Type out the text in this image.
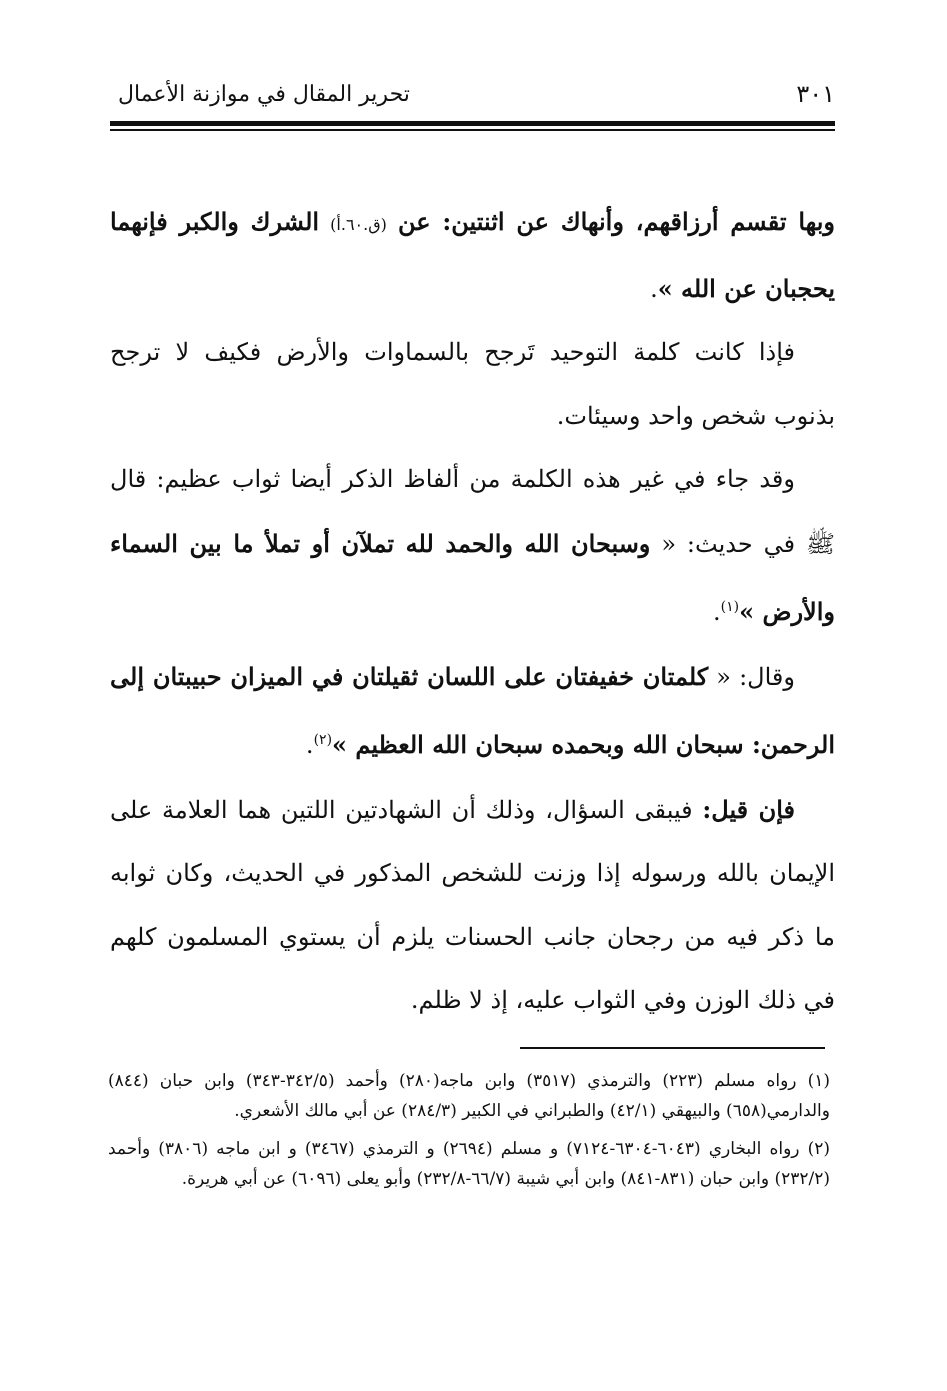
٣٠١
تحرير المقال في موازنة الأعمال

وبها تقسم أرزاقهم، وأنهاك عن اثنتين: عن (ق.٦٠.أ) الشرك والكبر فإنهما يحجبان عن الله ».

فإذا كانت كلمة التوحيد تَرجح بالسماوات والأرض فكيف لا ترجح بذنوب شخص واحد وسيئات.

وقد جاء في غير هذه الكلمة من ألفاظ الذكر أيضا ثواب عظيم: قال ﷺ في حديث: « وسبحان الله والحمد لله تملآن أو تملأ ما بين السماء والأرض »$^{(١)}$.

وقال: « كلمتان خفيفتان على اللسان ثقيلتان في الميزان حبيبتان إلى الرحمن: سبحان الله وبحمده سبحان الله العظيم »$^{(٢)}$.

فإن قيل: فيبقى السؤال، وذلك أن الشهادتين اللتين هما العلامة على الإيمان بالله ورسوله إذا وزنت للشخص المذكور في الحديث، وكان ثوابه ما ذكر فيه من رجحان جانب الحسنات يلزم أن يستوي المسلمون كلهم في ذلك الوزن وفي الثواب عليه، إذ لا ظلم.

(١) رواه مسلم (٢٢٣) والترمذي (٣٥١٧) وابن ماجه(٢٨٠) وأحمد (٣٤٢/٥-٣٤٣) وابن حبان (٨٤٤) والدارمي(٦٥٨) والبيهقي (٤٢/١) والطبراني في الكبير (٢٨٤/٣) عن أبي مالك الأشعري.

(٢) رواه البخاري (٦٠٤٣-٦٣٠٤-٧١٢٤) و مسلم (٢٦٩٤) و الترمذي (٣٤٦٧) و ابن ماجه (٣٨٠٦) وأحمد (٢٣٢/٢) وابن حبان (٨٣١-٨٤١) وابن أبي شيبة (٦٦/٧-٢٣٢/٨) وأبو يعلى (٦٠٩٦) عن أبي هريرة.
